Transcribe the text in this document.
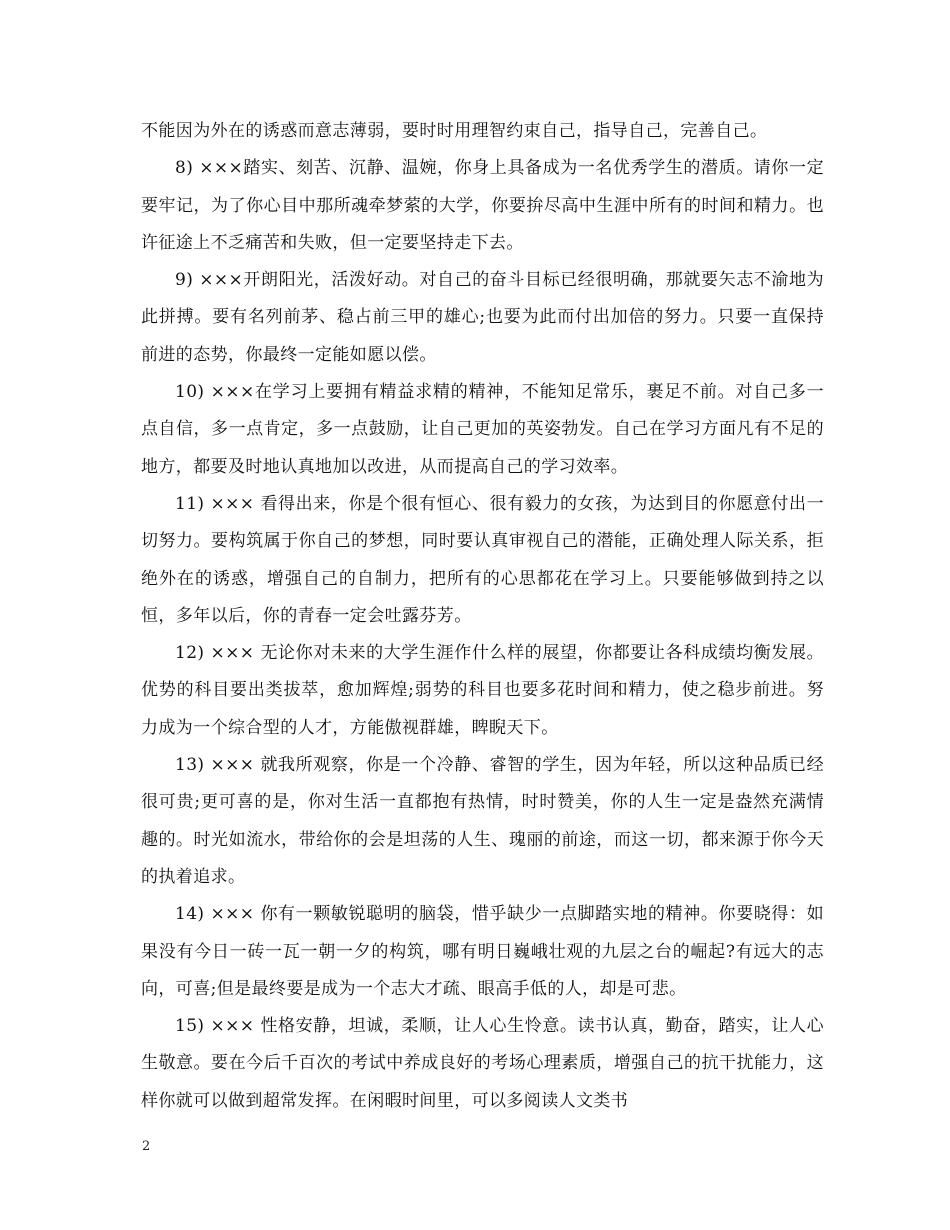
不能因为外在的诱惑而意志薄弱，要时时用理智约束自己，指导自己，完善自己。

8) ×××踏实、刻苦、沉静、温婉，你身上具备成为一名优秀学生的潜质。请你一定要牢记，为了你心目中那所魂牵梦萦的大学，你要拚尽高中生涯中所有的时间和精力。也许征途上不乏痛苦和失败，但一定要坚持走下去。

9) ×××开朗阳光，活泼好动。对自己的奋斗目标已经很明确，那就要矢志不渝地为此拼搏。要有名列前茅、稳占前三甲的雄心;也要为此而付出加倍的努力。只要一直保持前进的态势，你最终一定能如愿以偿。

10) ×××在学习上要拥有精益求精的精神，不能知足常乐，裹足不前。对自己多一点自信，多一点肯定，多一点鼓励，让自己更加的英姿勃发。自己在学习方面凡有不足的地方，都要及时地认真地加以改进，从而提高自己的学习效率。

11) ××× 看得出来，你是个很有恒心、很有毅力的女孩，为达到目的你愿意付出一切努力。要构筑属于你自己的梦想，同时要认真审视自己的潜能，正确处理人际关系，拒绝外在的诱惑，增强自己的自制力，把所有的心思都花在学习上。只要能够做到持之以恒，多年以后，你的青春一定会吐露芬芳。

12) ××× 无论你对未来的大学生涯作什么样的展望，你都要让各科成绩均衡发展。优势的科目要出类拔萃，愈加辉煌;弱势的科目也要多花时间和精力，使之稳步前进。努力成为一个综合型的人才，方能傲视群雄，睥睨天下。

13) ××× 就我所观察，你是一个冷静、睿智的学生，因为年轻，所以这种品质已经很可贵;更可喜的是，你对生活一直都抱有热情，时时赞美，你的人生一定是盎然充满情趣的。时光如流水，带给你的会是坦荡的人生、瑰丽的前途，而这一切，都来源于你今天的执着追求。

14) ××× 你有一颗敏锐聪明的脑袋，惜乎缺少一点脚踏实地的精神。你要晓得：如果没有今日一砖一瓦一朝一夕的构筑，哪有明日巍峨壮观的九层之台的崛起?有远大的志向，可喜;但是最终要是成为一个志大才疏、眼高手低的人，却是可悲。

15) ××× 性格安静，坦诚，柔顺，让人心生怜意。读书认真，勤奋，踏实，让人心生敬意。要在今后千百次的考试中养成良好的考场心理素质，增强自己的抗干扰能力，这样你就可以做到超常发挥。在闲暇时间里，可以多阅读人文类书

2
